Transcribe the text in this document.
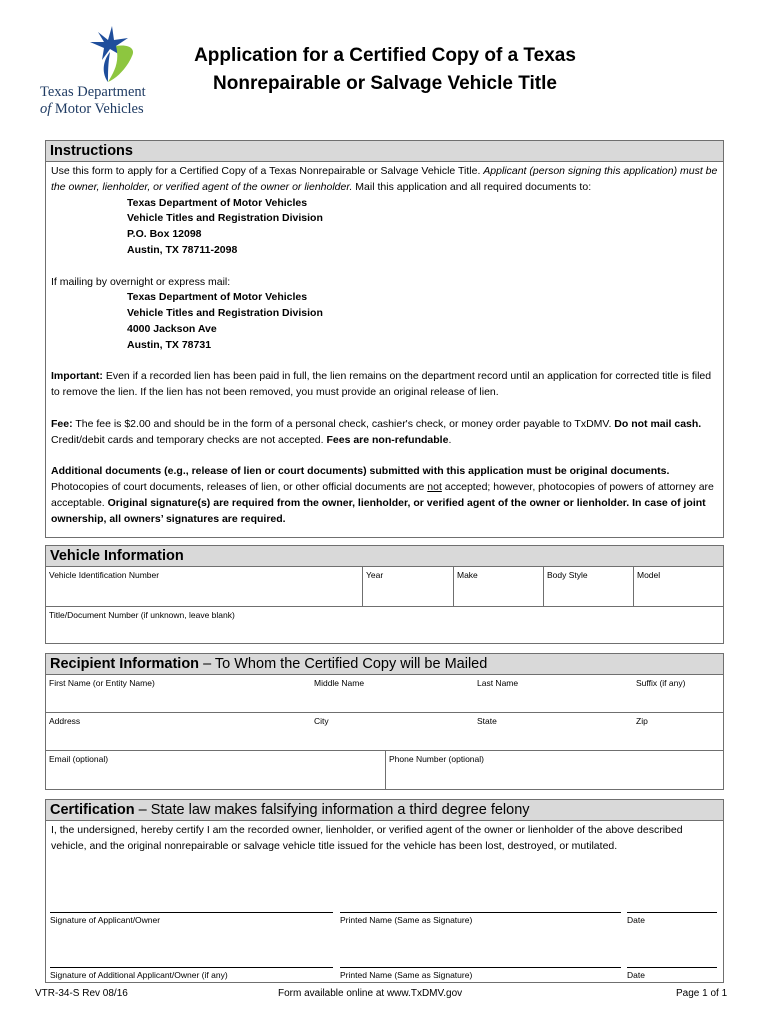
Texas Department
of Motor Vehicles
Application for a Certified Copy of a Texas
Nonrepairable or Salvage Vehicle Title
Instructions

Use this form to apply for a Certified Copy of a Texas Nonrepairable or Salvage Vehicle Title. Applicant (person signing this application) must be the owner, lienholder, or verified agent of the owner or lienholder. Mail this application and all required documents to:

Texas Department of Motor Vehicles
Vehicle Titles and Registration Division
P.O. Box 12098
Austin, TX 78711-2098

If mailing by overnight or express mail:

Texas Department of Motor Vehicles
Vehicle Titles and Registration Division
4000 Jackson Ave
Austin, TX 78731

Important: Even if a recorded lien has been paid in full, the lien remains on the department record until an application for corrected title is filed to remove the lien. If the lien has not been removed, you must provide an original release of lien.

Fee: The fee is $2.00 and should be in the form of a personal check, cashier's check, or money order payable to TxDMV. Do not mail cash. Credit/debit cards and temporary checks are not accepted. Fees are non-refundable.

Additional documents (e.g., release of lien or court documents) submitted with this application must be original documents. Photocopies of court documents, releases of lien, or other official documents are not accepted; however, photocopies of powers of attorney are acceptable. Original signature(s) are required from the owner, lienholder, or verified agent of the owner or lienholder. In case of joint ownership, all owners’ signatures are required.

Vehicle Information
Vehicle Identification Number	Year	Make	Body Style	Model
Title/Document Number (if unknown, leave blank)
Recipient Information – To Whom the Certified Copy will be Mailed
First Name (or Entity Name)	Middle Name	Last Name	Suffix (if any)
Address	City	State	Zip
Email (optional)	Phone Number (optional)
Certification – State law makes falsifying information a third degree felony
I, the undersigned, hereby certify I am the recorded owner, lienholder, or verified agent of the owner or lienholder of the above described vehicle, and the original nonrepairable or salvage vehicle title issued for the vehicle has been lost, destroyed, or mutilated.
Signature of Applicant/Owner	Printed Name (Same as Signature)	Date
Signature of Additional Applicant/Owner (if any)	Printed Name (Same as Signature)	Date
VTR-34-S Rev 08/16	Form available online at www.TxDMV.gov	Page 1 of 1
